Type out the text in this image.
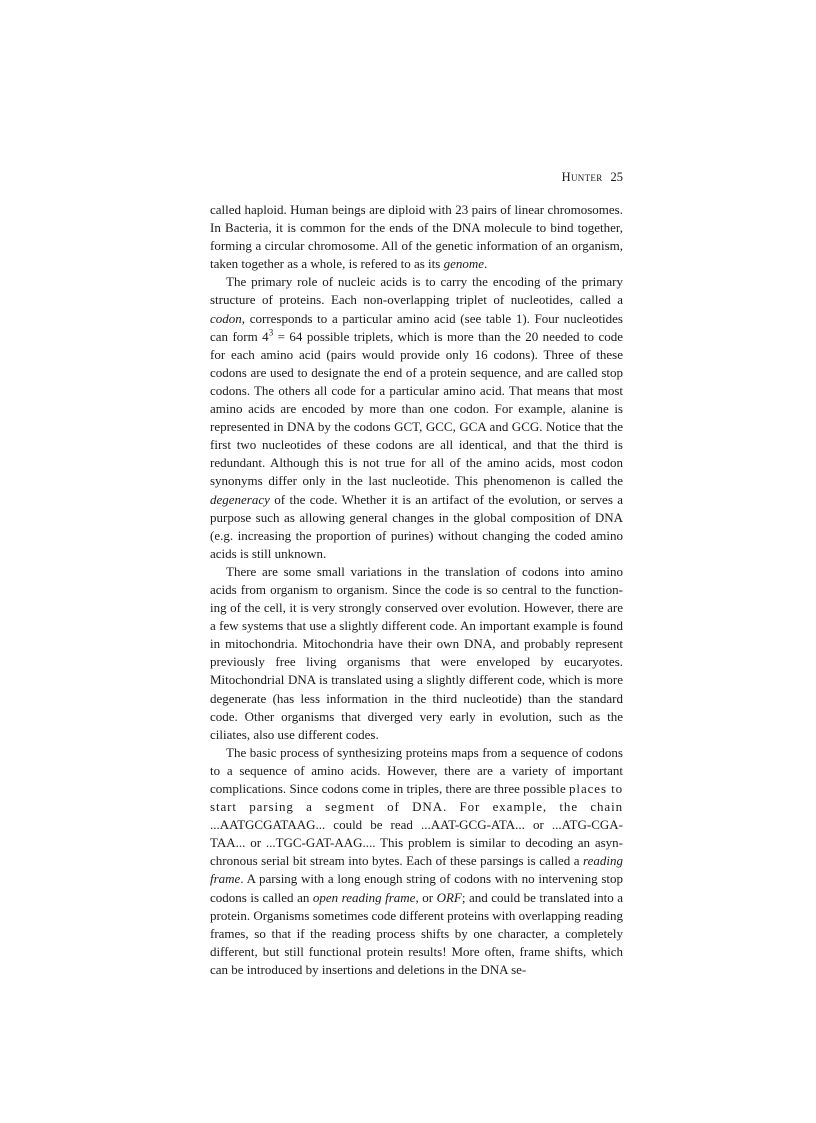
Hunter 25

called haploid. Human beings are diploid with 23 pairs of linear chromosomes. In Bacteria, it is common for the ends of the DNA molecule to bind together, forming a circular chromosome. All of the genetic information of an organism, taken together as a whole, is refered to as its genome.

The primary role of nucleic acids is to carry the encoding of the primary structure of proteins. Each non-overlapping triplet of nucleotides, called a codon, corresponds to a particular amino acid (see table 1). Four nucleotides can form $4^3 = 64$ possible triplets, which is more than the 20 needed to code for each amino acid (pairs would provide only 16 codons). Three of these codons are used to designate the end of a protein sequence, and are called stop codons. The others all code for a particular amino acid. That means that most amino acids are encoded by more than one codon. For example, alanine is represented in DNA by the codons GCT, GCC, GCA and GCG. Notice that the first two nucleotides of these codons are all identical, and that the third is redundant. Although this is not true for all of the amino acids, most codon synonyms differ only in the last nucleotide. This phenomenon is called the degeneracy of the code. Whether it is an artifact of the evolution, or serves a purpose such as allowing general changes in the global composition of DNA (e.g. increasing the proportion of purines) without changing the coded amino acids is still unknown.

There are some small variations in the translation of codons into amino acids from organism to organism. Since the code is so central to the functioning of the cell, it is very strongly conserved over evolution. However, there are a few systems that use a slightly different code. An important example is found in mitochondria. Mitochondria have their own DNA, and probably represent previously free living organisms that were enveloped by eucaryotes. Mitochondrial DNA is translated using a slightly different code, which is more degenerate (has less information in the third nucleotide) than the standard code. Other organisms that diverged very early in evolution, such as the ciliates, also use different codes.

The basic process of synthesizing proteins maps from a sequence of codons to a sequence of amino acids. However, there are a variety of important complications. Since codons come in triples, there are three possible places to start parsing a segment of DNA. For example, the chain ...AATGCGATAAG... could be read ...AAT-GCG-ATA... or ...ATG-CGA-TAA... or ...TGC-GAT-AAG.... This problem is similar to decoding an asynchronous serial bit stream into bytes. Each of these parsings is called a reading frame. A parsing with a long enough string of codons with no intervening stop codons is called an open reading frame, or ORF; and could be translated into a protein. Organisms sometimes code different proteins with overlapping reading frames, so that if the reading process shifts by one character, a completely different, but still functional protein results! More often, frame shifts, which can be introduced by insertions and deletions in the DNA se-
